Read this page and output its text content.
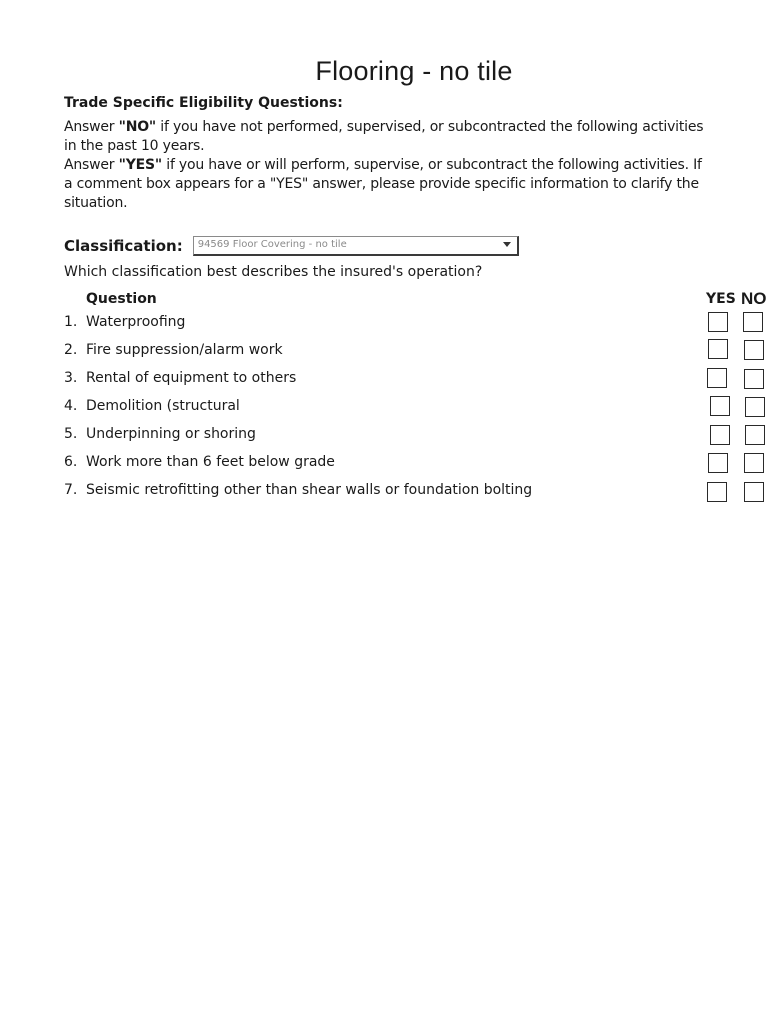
Flooring - no tile
Trade Specific Eligibility Questions:

Answer "NO" if you have not performed, supervised, or subcontracted the following activities in the past 10 years.

Answer "YES" if you have or will perform, supervise, or subcontract the following activities. If a comment box appears for a "YES" answer, please provide specific information to clarify the situation.

Classification: 94569 Floor Covering - no tile
Which classification best describes the insured's operation?
Question	YES NO
1. Waterproofing
2. Fire suppression/alarm work
3. Rental of equipment to others
4. Demolition (structural
5. Underpinning or shoring
6. Work more than 6 feet below grade
7. Seismic retrofitting other than shear walls or foundation bolting
